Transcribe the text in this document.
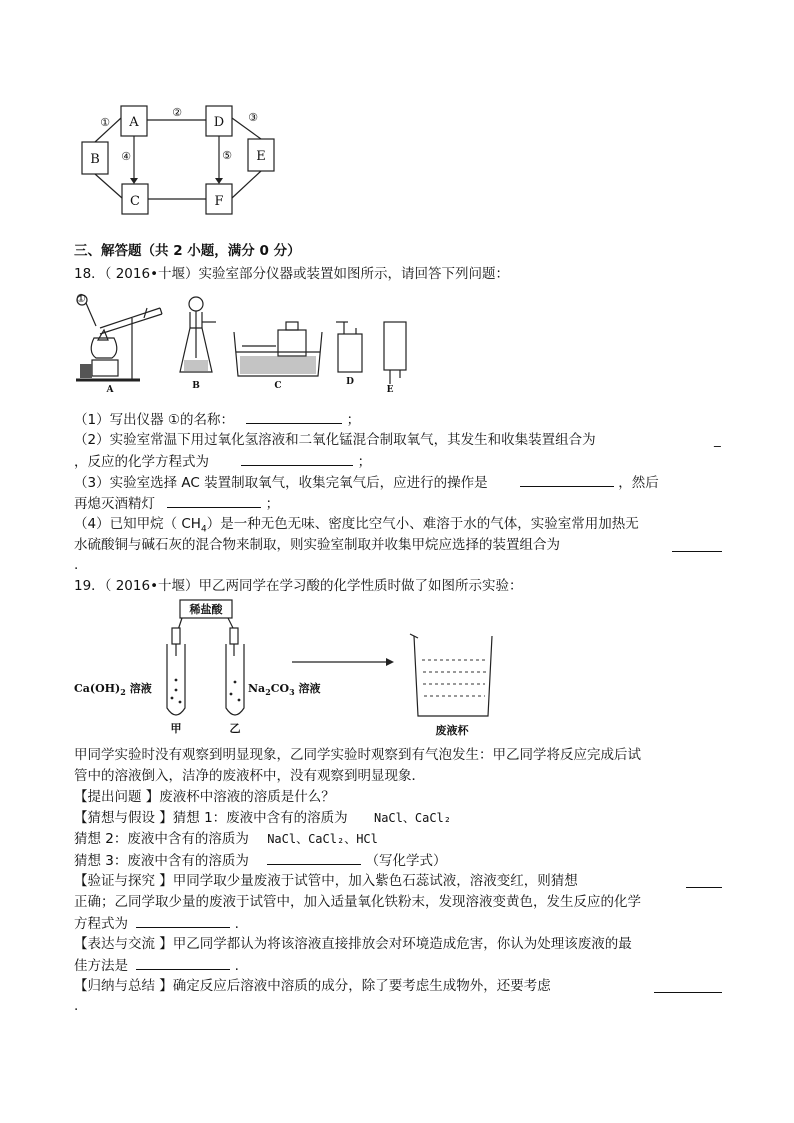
A
B
C
D
E
F
①
②	③
④	⑤
三、解答题（共 2 小题，满分 0 分）
18．（ 2016•十堰）实验室部分仪器或装置如图所示，请回答下列问题：
A	B	C	D
E
①
（1）写出仪器 ①的名称：	；
（2）实验室常温下用过氧化氢溶液和二氧化锰混合制取氧气，其发生和收集装置组合为	_
，反应的化学方程式为	；
（3）实验室选择 AC 装置制取氧气，收集完氧气后，应进行的操作是	，然后
再熄灭酒精灯	；
（4）已知甲烷（ $CH_4$）是一种无色无味、密度比空气小、难溶于水的气体，实验室常用加热无
水硫酸铜与碱石灰的混合物来制取，则实验室制取并收集甲烷应选择的装置组合为
.
19．（ 2016•十堰）甲乙两同学在学习酸的化学性质时做了如图所示实验：
稀盐酸
$Ca(OH)_2$ 溶液	$Na_2CO_3$ 溶液
甲	乙	废液杯
甲同学实验时没有观察到明显现象，乙同学实验时观察到有气泡发生：甲乙同学将反应完成后试
管中的溶液倒入，洁净的废液杯中，没有观察到明显现象．
【提出问题 】废液杯中溶液的溶质是什么？
【猜想与假设 】猜想 1：废液中含有的溶质为 NaCl、CaCl₂
猜想 2：废液中含有的溶质为 NaCl、CaCl₂、HCl
猜想 3：废液中含有的溶质为	（写化学式）
【验证与探究 】甲同学取少量废液于试管中，加入紫色石蕊试液，溶液变红，则猜想
正确；乙同学取少量的废液于试管中，加入适量氧化铁粉末，发现溶液变黄色，发生反应的化学
方程式为	.
【表达与交流 】甲乙同学都认为将该溶液直接排放会对环境造成危害，你认为处理该废液的最
佳方法是	.
【归纳与总结 】确定反应后溶液中溶质的成分，除了要考虑生成物外，还要考虑
.
